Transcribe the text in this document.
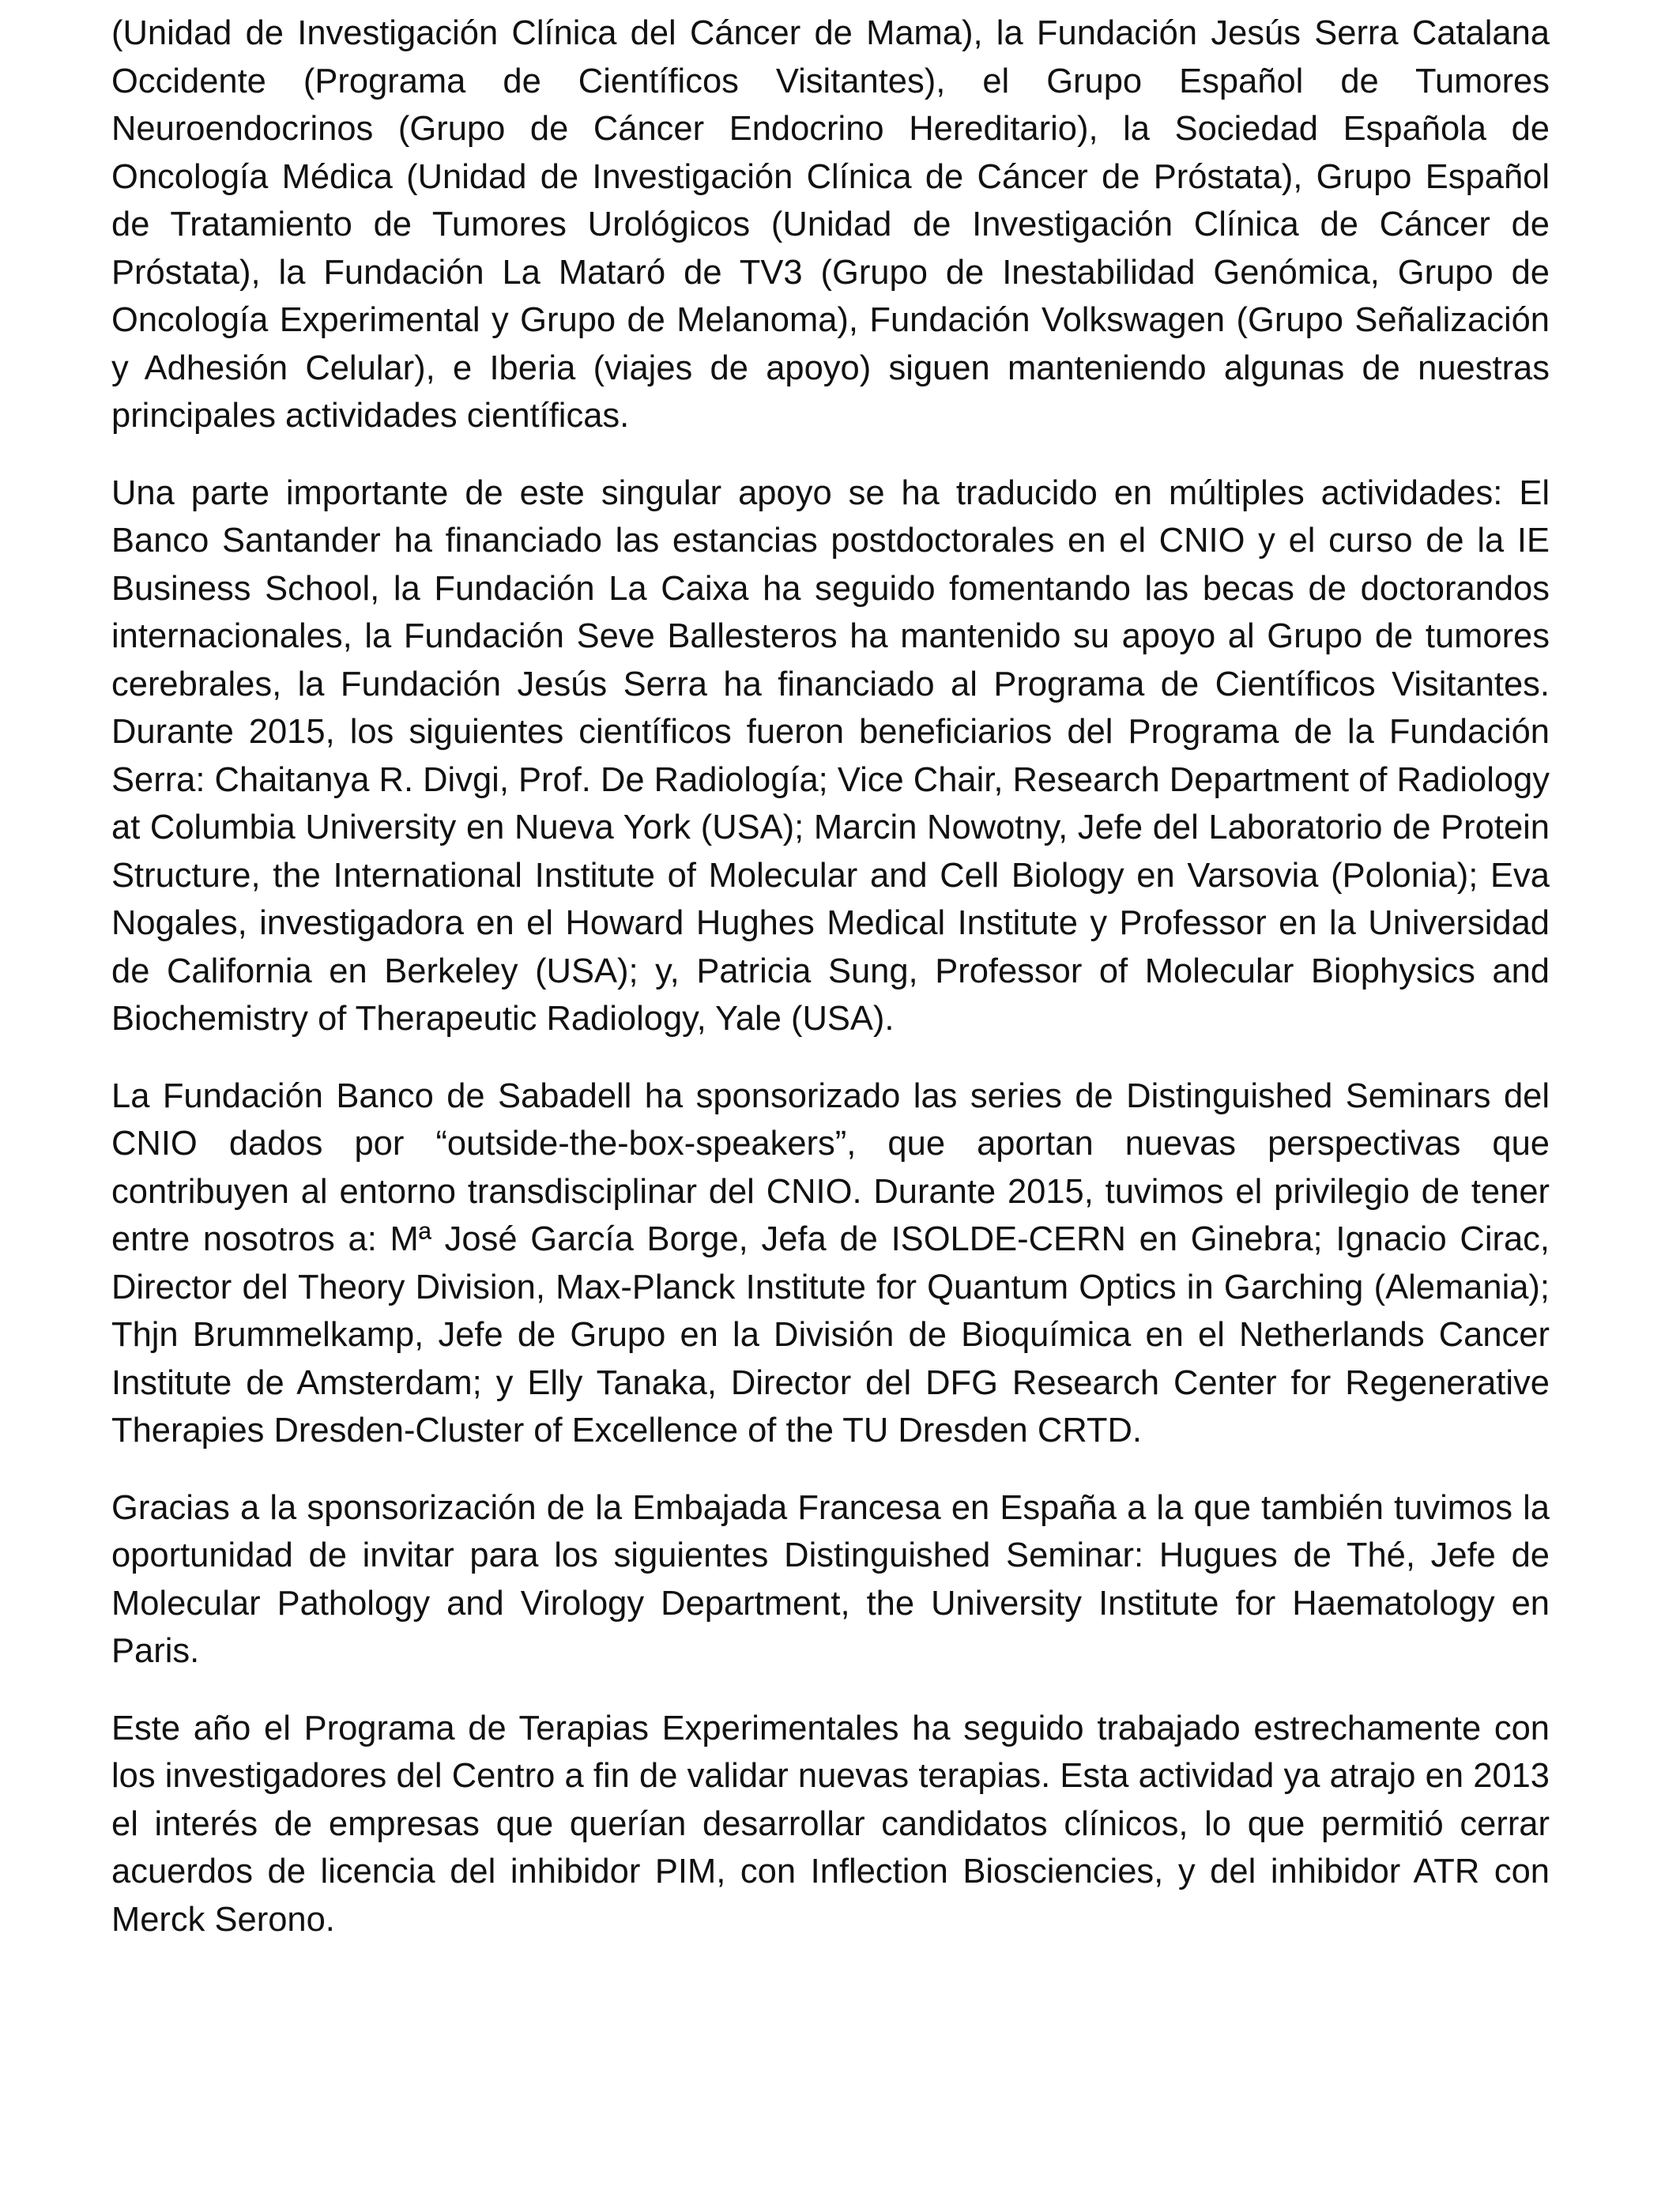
(Unidad de Investigación Clínica del Cáncer de Mama), la Fundación Jesús Serra Catalana Occidente (Programa de Científicos Visitantes), el Grupo Español de Tumores Neuroendocrinos (Grupo de Cáncer Endocrino Hereditario), la Sociedad Española de Oncología Médica (Unidad de Investigación Clínica de Cáncer de Próstata), Grupo Español de Tratamiento de Tumores Urológicos (Unidad de Investigación Clínica de Cáncer de Próstata), la Fundación La Mataró de TV3 (Grupo de Inestabilidad Genómica, Grupo de Oncología Experimental y Grupo de Melanoma), Fundación Volkswagen (Grupo Señalización y Adhesión Celular), e Iberia (viajes de apoyo) siguen manteniendo algunas de nuestras principales actividades científicas.

Una parte importante de este singular apoyo se ha traducido en múltiples actividades: El Banco Santander ha financiado las estancias postdoctorales en el CNIO y el curso de la IE Business School, la Fundación La Caixa ha seguido fomentando las becas de doctorandos internacionales, la Fundación Seve Ballesteros ha mantenido su apoyo al Grupo de tumores cerebrales, la Fundación Jesús Serra ha financiado al Programa de Científicos Visitantes. Durante 2015, los siguientes científicos fueron beneficiarios del Programa de la Fundación Serra: Chaitanya R. Divgi, Prof. De Radiología; Vice Chair, Research Department of Radiology at Columbia University en Nueva York (USA); Marcin Nowotny, Jefe del Laboratorio de Protein Structure, the International Institute of Molecular and Cell Biology en Varsovia (Polonia); Eva Nogales, investigadora en el Howard Hughes Medical Institute y Professor en la Universidad de California en Berkeley (USA); y, Patricia Sung, Professor of Molecular Biophysics and Biochemistry of Therapeutic Radiology, Yale (USA).

La Fundación Banco de Sabadell ha sponsorizado las series de Distinguished Seminars del CNIO dados por “outside-the-box-speakers”, que aportan nuevas perspectivas que contribuyen al entorno transdisciplinar del CNIO. Durante 2015, tuvimos el privilegio de tener entre nosotros a: Mª José García Borge, Jefa de ISOLDE-CERN en Ginebra; Ignacio Cirac, Director del Theory Division, Max-Planck Institute for Quantum Optics in Garching (Alemania); Thjn Brummelkamp, Jefe de Grupo en la División de Bioquímica en el Netherlands Cancer Institute de Amsterdam; y Elly Tanaka, Director del DFG Research Center for Regenerative Therapies Dresden-Cluster of Excellence of the TU Dresden CRTD.

Gracias a la sponsorización de la Embajada Francesa en España a la que también tuvimos la oportunidad de invitar para los siguientes Distinguished Seminar: Hugues de Thé, Jefe de Molecular Pathology and Virology Department, the University Institute for Haematology en Paris.

Este año el Programa de Terapias Experimentales ha seguido trabajado estrechamente con los investigadores del Centro a fin de validar nuevas terapias. Esta actividad ya atrajo en 2013 el interés de empresas que querían desarrollar candidatos clínicos, lo que permitió cerrar acuerdos de licencia del inhibidor PIM, con Inflection Biosciencies, y del inhibidor ATR con Merck Serono.
